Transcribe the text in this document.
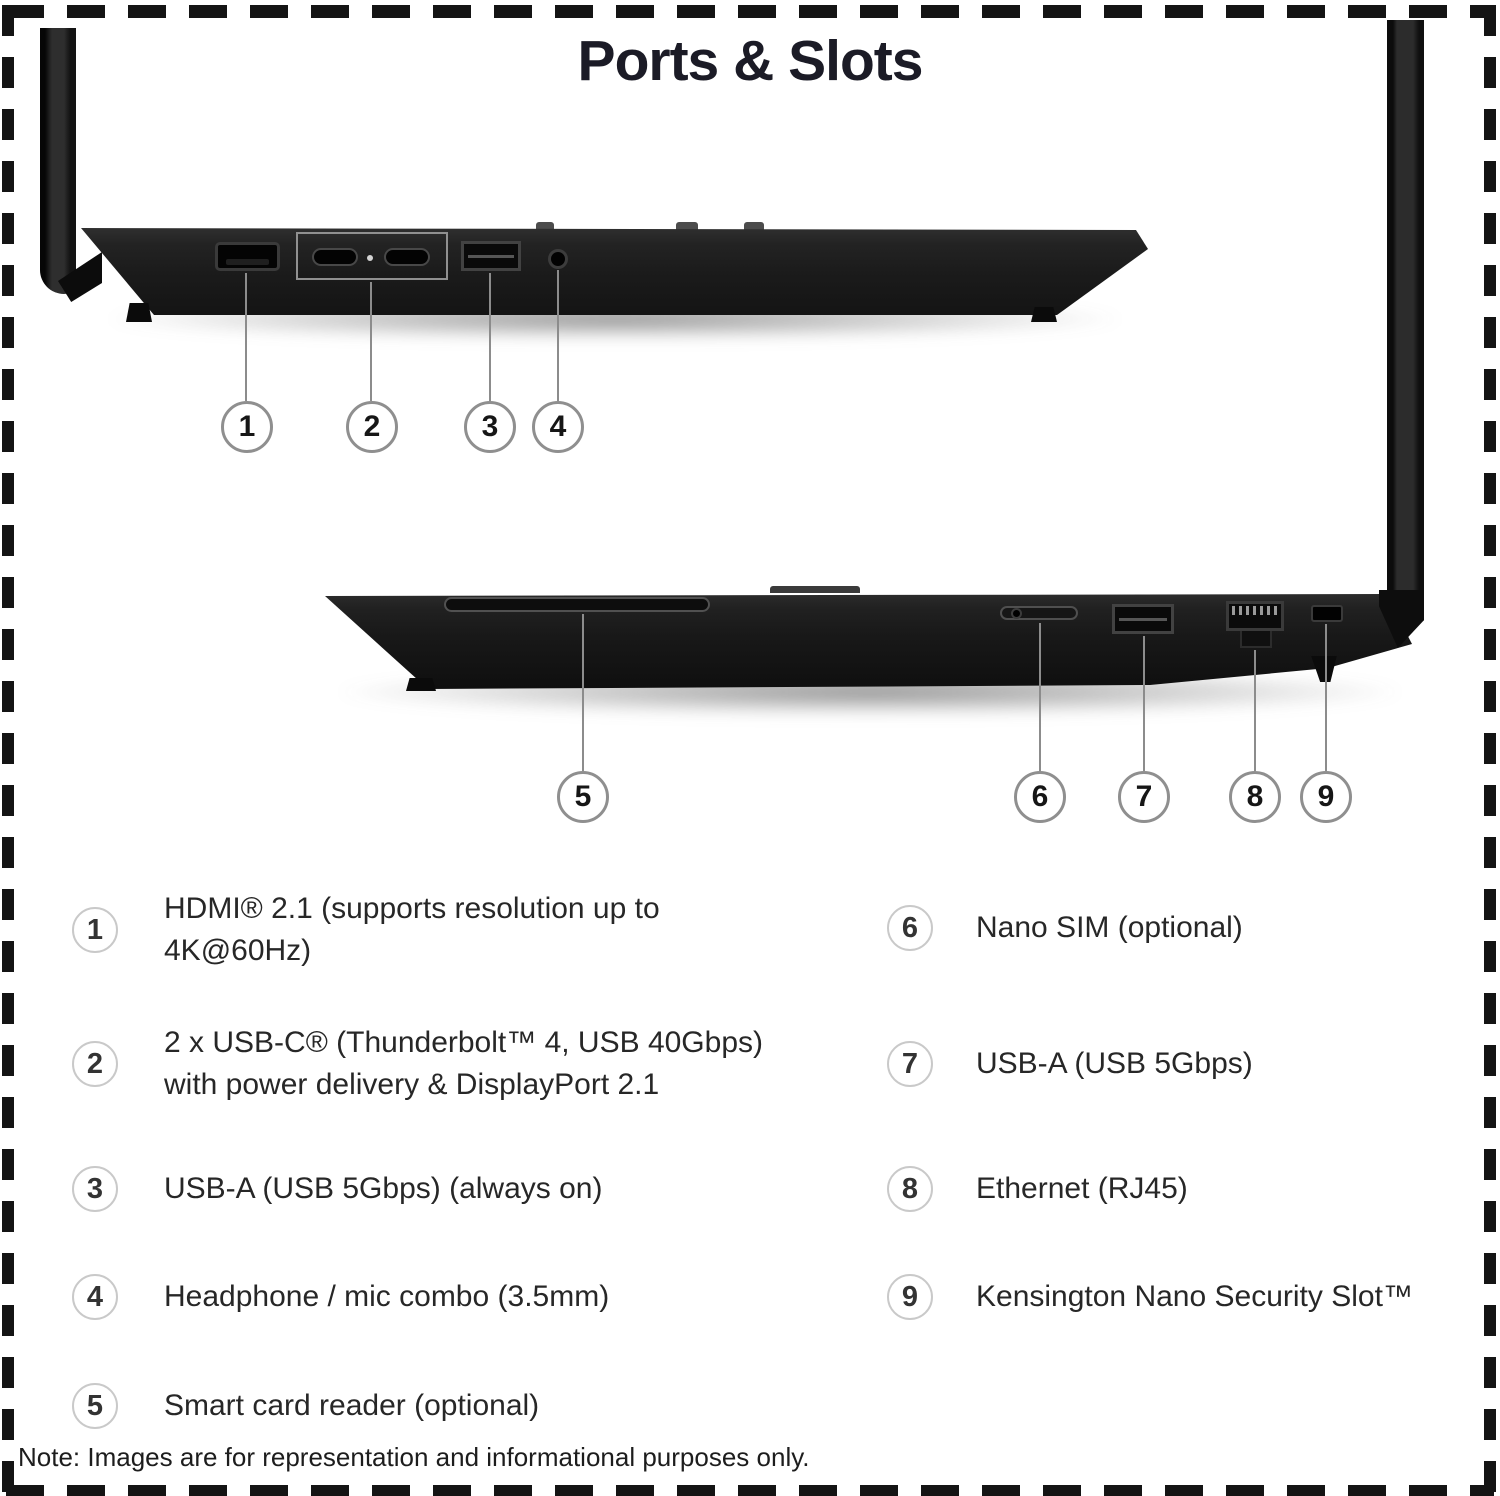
Ports & Slots
1	2	3	4
5	6	7	8	9
1
HDMI® 2.1 (supports resolution up to 4K@60Hz)
2
2 x USB-C® (Thunderbolt™ 4, USB 40Gbps) with power delivery & DisplayPort 2.1
3	USB-A (USB 5Gbps) (always on)
4	Headphone / mic combo (3.5mm)
5	Smart card reader (optional)
6	Nano SIM (optional)
7	USB-A (USB 5Gbps)
8	Ethernet (RJ45)
9	Kensington Nano Security Slot™
Note: Images are for representation and informational purposes only.
